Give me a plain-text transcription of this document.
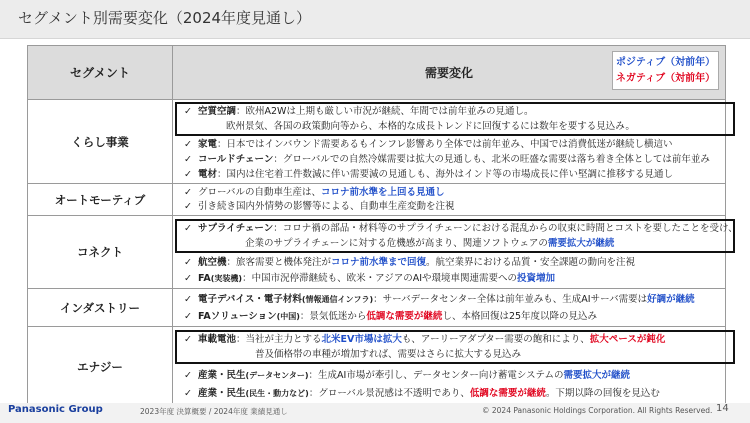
セグメント別需要変化（2024年度見通し）
セグメント	需要変化
ポジティブ（対前年）
ネガティブ（対前年）
くらし事業
✓ 空質空調：欧州A2Wは上期も厳しい市況が継続、年間では前年並みの見通し。
欧州景気、各国の政策動向等から、本格的な成長トレンドに回復するには数年を要する見込み。
✓ 家電：日本ではインバウンド需要あるもインフレ影響あり全体では前年並み、中国では消費低迷が継続し横這い
✓ コールドチェーン：グローバルでの自然冷媒需要は拡大の見通しも、北米の旺盛な需要は落ち着き全体としては前年並み
✓ 電材：国内は住宅着工件数減に伴い需要減の見通しも、海外はインド等の市場成長に伴い堅調に推移する見通し
オートモーティブ	✓ グローバルの自動車生産は、コロナ前水準を上回る見通し
✓ 引き続き国内外情勢の影響等による、自動車生産変動を注視
コネクト
✓ サプライチェーン：コロナ禍の部品・材料等のサプライチェーンにおける混乱からの収束に時間とコストを要したことを受け、
企業のサプライチェーンに対する危機感が高まり、関連ソフトウェアの需要拡大が継続
✓ 航空機：旅客需要と機体発注がコロナ前水準まで回復。航空業界における品質・安全課題の動向を注視
✓ FA(実装機)：中国市況停滞継続も、欧米・アジアのAIや環境車関連需要への投資増加
インダストリー
✓ 電子デバイス・電子材料(情報通信インフラ)：サーバデータセンター全体は前年並みも、生成AIサーバ需要は好調が継続
✓ FAソリューション(中国)：景気低迷から低調な需要が継続し、本格回復は25年度以降の見込み
エナジー
✓ 車載電池：当社が主力とする北米EV市場は拡大も、アーリーアダプター需要の飽和により、拡大ペースが鈍化
普及価格帯の車種が増加すれば、需要はさらに拡大する見込み
✓ 産業・民生(データセンター)：生成AI市場が牽引し、データセンター向け蓄電システムの需要拡大が継続
✓ 産業・民生(民生・動力など)：グローバル景況感は不透明であり、低調な需要が継続。下期以降の回復を見込む
Panasonic Group	2023年度 決算概要 / 2024年度 業績見通し	© 2024 Panasonic Holdings Corporation. All Rights Reserved. 14
